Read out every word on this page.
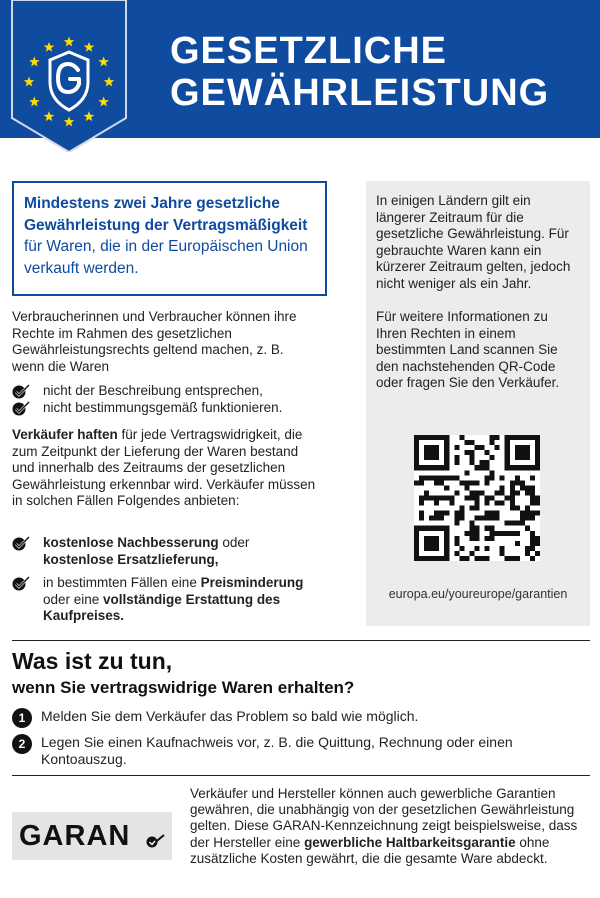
GESETZLICHE
GEWÄHRLEISTUNG
Mindestens zwei Jahre gesetzliche Gewährleistung der Vertragsmäßigkeit für Waren, die in der Europäischen Union verkauft werden.

Verbraucherinnen und Verbraucher können ihre Rechte im Rahmen des gesetzlichen Gewährleistungsrechts geltend machen, z. B. wenn die Waren

nicht der Beschreibung entsprechen,
nicht bestimmungsgemäß funktionieren.

Verkäufer haften für jede Vertragswidrigkeit, die zum Zeitpunkt der Lieferung der Waren bestand und innerhalb des Zeitraums der gesetzlichen Gewährleistung erkennbar wird. Verkäufer müssen in solchen Fällen Folgendes anbieten:

kostenlose Nachbesserung oder
kostenlose Ersatzlieferung,
in bestimmten Fällen eine Preisminderung
oder eine vollständige Erstattung des Kaufpreises.

In einigen Ländern gilt ein längerer Zeitraum für die gesetzliche Gewährleistung. Für gebrauchte Waren kann ein kürzerer Zeitraum gelten, jedoch nicht weniger als ein Jahr.

Für weitere Informationen zu Ihren Rechten in einem bestimmten Land scannen Sie den nachstehenden QR-Code oder fragen Sie den Verkäufer.

europa.eu/youreurope/garantien
Was ist zu tun,
wenn Sie vertragswidrige Waren erhalten?
1	Melden Sie dem Verkäufer das Problem so bald wie möglich.
2	Legen Sie einen Kaufnachweis vor, z. B. die Quittung, Rechnung oder einen Kontoauszug.
GARAN

Verkäufer und Hersteller können auch gewerbliche Garantien gewähren, die unabhängig von der gesetzlichen Gewährleistung gelten. Diese GARAN-Kennzeichnung zeigt beispielsweise, dass der Hersteller eine gewerbliche Haltbarkeitsgarantie ohne zusätzliche Kosten gewährt, die die gesamte Ware abdeckt.
